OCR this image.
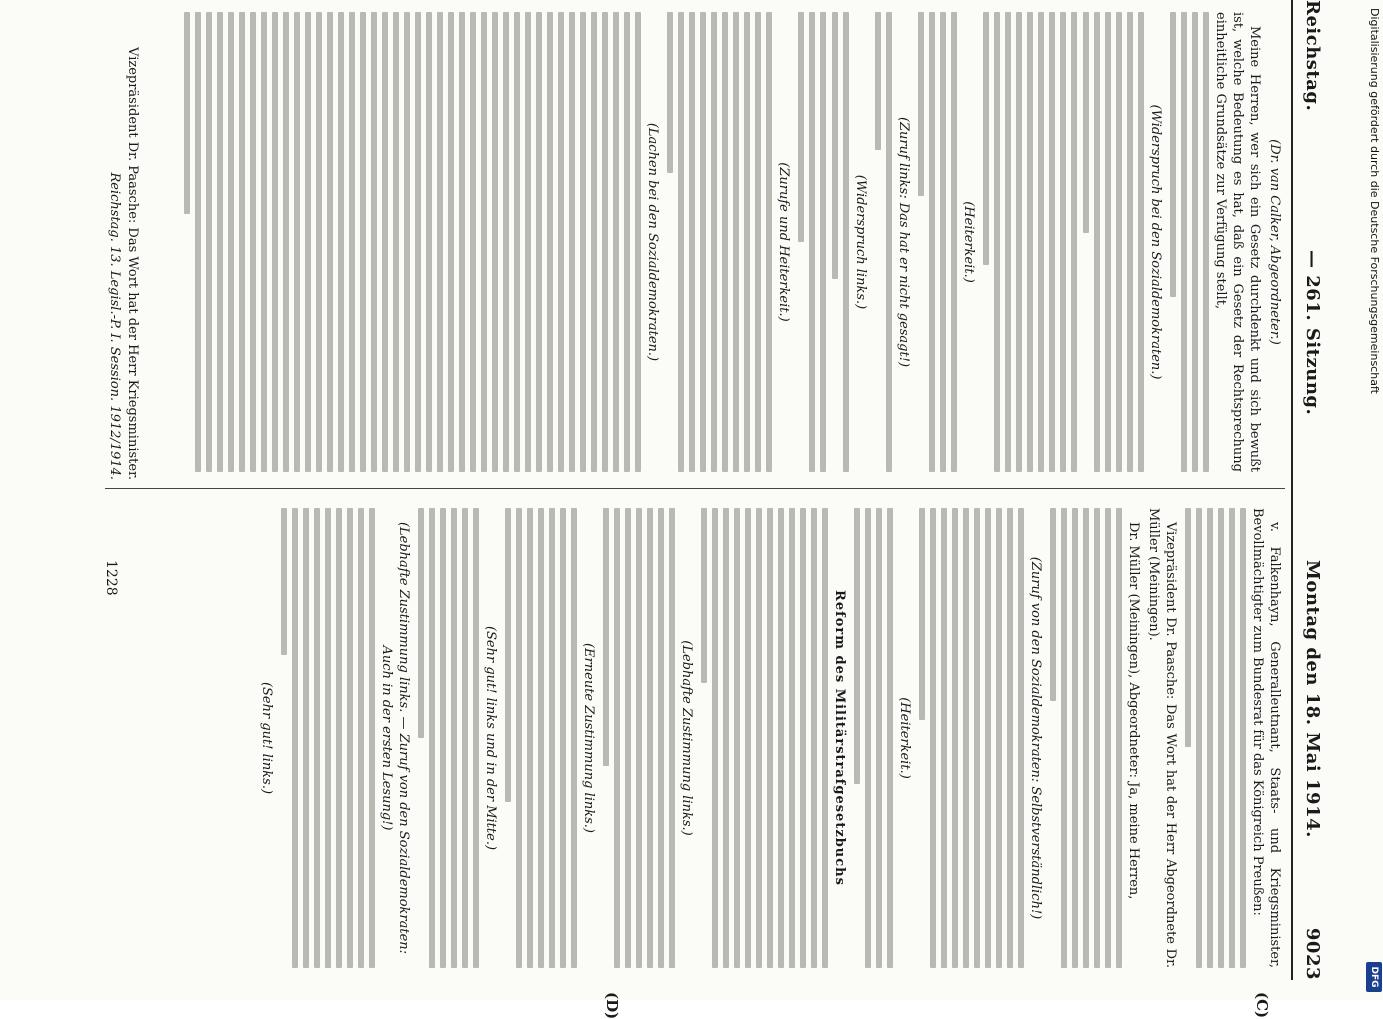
Reichstag.
— 261. Sitzung.
Montag den 18. Mai 1914.
9023
(C)
(D)

(Dr. van Calker, Abgeordneter.)

Meine Herren, wer sich ein Gesetz durchdenkt und sich bewußt ist, welche Bedeutung es hat, daß ein Gesetz der Rechtsprechung einheitliche Grundsätze zur Verfügung stellt,

(Widerspruch bei den Sozialdemokraten.)

(Heiterkeit.)

(Zuruf links: Das hat er nicht gesagt!)

(Widerspruch links.)

(Zurufe und Heiterkeit.)

(Lachen bei den Sozialdemokraten.)

v. Falkenhayn, Generalleutnant, Staats- und Kriegsminister, Bevollmächtigter zum Bundesrat für das Königreich Preußen:

Vizepräsident Dr. Paasche: Das Wort hat der Herr Abgeordnete Dr. Müller (Meiningen).

Dr. Müller (Meiningen), Abgeordneter: Ja, meine Herren,

(Zuruf von den Sozialdemokraten: Selbstverständlich!)

(Heiterkeit.)

Reform des Militärstrafgesetzbuchs

(Lebhafte Zustimmung links.)

(Erneute Zustimmung links.)

(Sehr gut! links und in der Mitte.)

(Lebhafte Zustimmung links. — Zuruf von den Sozialdemokraten: Auch in der ersten Lesung!)

(Sehr gut! links.)

Vizepräsident Dr. Paasche: Das Wort hat der Herr Kriegsminister.
Reichstag. 13. Legisl.-P. I. Session. 1912/1914.
1228
Digitalisierung gefördert durch die Deutsche Forschungsgemeinschaft
DFG
